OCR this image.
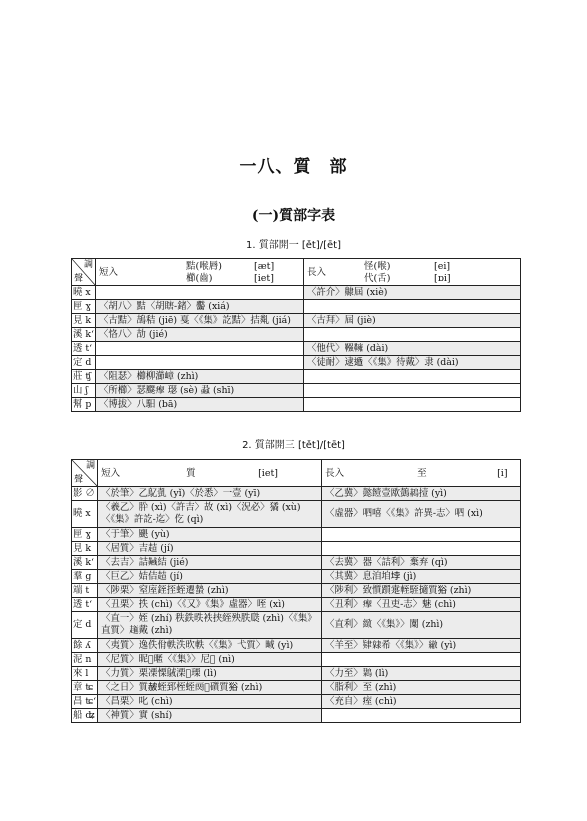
一八、質　部
(一)質部字表
1. 質部開一 [ět]/[ēt]
調
聲	短入
黠(喉脣) [æt]
櫛(齒) [iet]	長入
怪(喉) [ei]
代(舌) [ɒi]

曉 x		〈許介〉齂屆 (xiè)
匣 ɣ	〈胡八〉黠〈胡瞎-鍺〉齾 (xiá)	
見 k	〈古黠〉鴶秸 (jiē) 戛〈《集》訖黠〉拮亃 (jiá)	〈古拜〉屆 (jiè)
溪 kʻ	〈恪八〉劼 (jié)	
透 tʻ		〈他代〉𩌾𩍓 (dài)
定 d		〈徒耐〉逮𨓈〈《集》待戴〉隶 (dài)
莊 ʧ	〈阻瑟〉櫛柳瀄嶂 (zhì)	
山 ʃ	〈所櫛〉瑟飋𤸪 璱 (sè) 蝨 (shī)	
幫 p	〈博拔〉八馹 (bā)	
2. 質部開三 [tět]/[tēt]
調
聲	短入 質 [iet]	長入 至 [i]

影 ∅	〈於筆〉乙鳦亄 (yǐ)〈於悉〉一壹 (yī)	〈乙冀〉懿饐壹欭鷧𪁌撎 (yì)
曉 x	〈羲乙〉肸 (xì)〈許吉〉故 (xì)〈況必〉獝 (xù)〈《集》許訖-迄〉仡 (qì)	〈虛器〉呬嘻〈《集》許異-志〉呬 (xì)
匣 ɣ	〈于筆〉颶 (yù)	
見 k	〈居質〉吉趌 (jí)	
溪 kʻ	〈去吉〉詰𪏞結 (jié)	〈去冀〉器〈詰利〉棄弃 (qì)
羣 g	〈巨乙〉姞佶趌 (jí)	〈其冀〉息洎垍𡋯 (jì)
端 t	〈陟栗〉窒庢銍挃蛭遷蟄 (zhì)	〈陟利〉致懫躓疐輊駤擿質𤞞 (zhì)
透 tʻ	〈丑栗〉抶 (chì)〈《又》《集》虛器〉咥 (xì)	〈丑利〉𤸪〈丑吏-志〉魅 (chì)
定 d	〈直一〉姪 (zhí) 秩鉄昳袟挟絰殃胅瓞 (zhì)〈《集》直質〉𧽳戴 (zhì)	〈直利〉緻〈《集》〉闑 (zhì)
餘 ʎ	〈夷質〉逸佚佾軼泆欥軼〈《集》弋質〉㽣 (yì)	〈羊至〉肄𨽿希〈《集》〉𦅄 (yì)
泥 n	〈尼質〉昵𣇞暱〈《集》〉尼𡰥 (nì)	
來 l	〈力質〉栗凓慄𪀚溧𢜂瑮 (lì)	〈力至〉𪄃 (lì)
章 ʨ	〈之日〉質𧹞蛭郅桎蛭𤌎𥏗礩質𤞞 (zhì)	〈脂利〉至 (zhì)
昌 ʨʻ	〈昌栗〉叱 (chì)	〈充自〉痓 (chì)
船 ʥ	〈神質〉實 (shí)	
